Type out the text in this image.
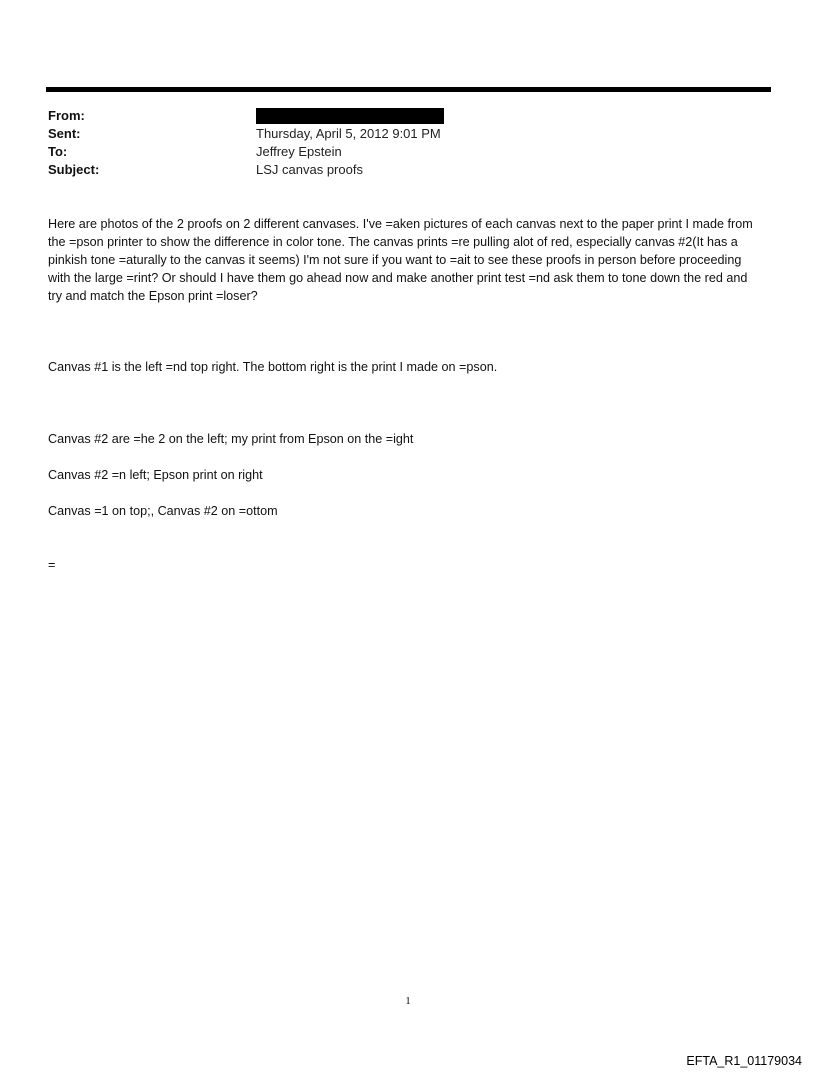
From:
Sent:	Thursday, April 5, 2012 9:01 PM
To:	Jeffrey Epstein
Subject:	LSJ canvas proofs

Here are photos of the 2 proofs on 2 different canvases. I've =aken pictures of each canvas next to the paper print I made from the =pson printer to show the difference in color tone. The canvas prints =re pulling alot of red, especially canvas #2(It has a pinkish tone =aturally to the canvas it seems) I'm not sure if you want to =ait to see these proofs in person before proceeding with the large =rint? Or should I have them go ahead now and make another print test =nd ask them to tone down the red and try and match the Epson print =loser?

Canvas #1 is the left =nd top right. The bottom right is the print I made on =pson.

Canvas #2 are =he 2 on the left; my print from Epson on the =ight

Canvas #2 =n left; Epson print on right

Canvas =1 on top;, Canvas #2 on =ottom

=

1
EFTA_R1_01179034
